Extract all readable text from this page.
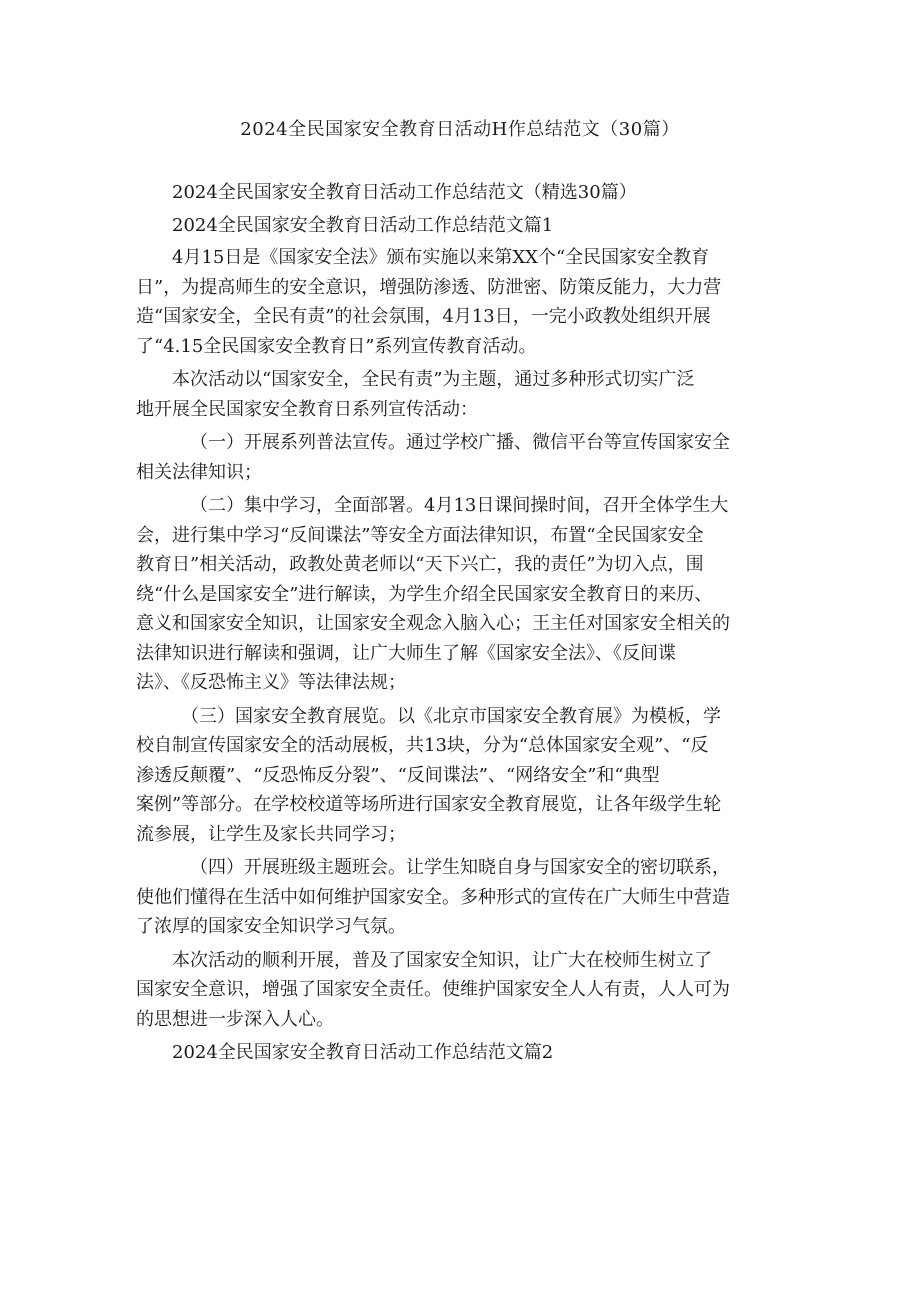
2024全民国家安全教育日活动H作总结范文（30篇）

2024全民国家安全教育日活动工作总结范文（精选30篇）

2024全民国家安全教育日活动工作总结范文篇1

4月15日是《国家安全法》颁布实施以来第XX个“全民国家安全教育
日”，为提高师生的安全意识，增强防渗透、防泄密、防策反能力，大力营
造“国家安全，全民有责”的社会氛围，4月13日，一完小政教处组织开展
了“4.15全民国家安全教育日”系列宣传教育活动。

本次活动以“国家安全，全民有责”为主题，通过多种形式切实广泛
地开展全民国家安全教育日系列宣传活动：

（一）开展系列普法宣传。通过学校广播、微信平台等宣传国家安全
相关法律知识；

（二）集中学习，全面部署。4月13日课间操时间，召开全体学生大
会，进行集中学习“反间谍法”等安全方面法律知识，布置“全民国家安全
教育日”相关活动，政教处黄老师以“天下兴亡，我的责任”为切入点，围
绕“什么是国家安全”进行解读，为学生介绍全民国家安全教育日的来历、
意义和国家安全知识，让国家安全观念入脑入心；王主任对国家安全相关的
法律知识进行解读和强调，让广大师生了解《国家安全法》、《反间谍
法》、《反恐怖主义》等法律法规；

（三）国家安全教育展览。以《北京市国家安全教育展》为模板，学
校自制宣传国家安全的活动展板，共13块，分为“总体国家安全观”、“反
渗透反颠覆”、“反恐怖反分裂”、“反间谍法”、“网络安全”和“典型
案例”等部分。在学校校道等场所进行国家安全教育展览，让各年级学生轮
流参展，让学生及家长共同学习；

（四）开展班级主题班会。让学生知晓自身与国家安全的密切联系，
使他们懂得在生活中如何维护国家安全。多种形式的宣传在广大师生中营造
了浓厚的国家安全知识学习气氛。

本次活动的顺利开展，普及了国家安全知识，让广大在校师生树立了
国家安全意识，增强了国家安全责任。使维护国家安全人人有责，人人可为
的思想进一步深入人心。

2024全民国家安全教育日活动工作总结范文篇2
